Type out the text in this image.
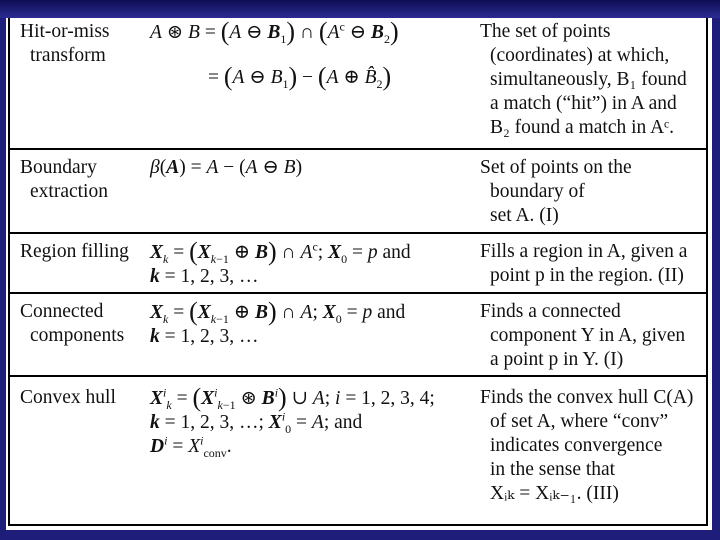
Hit-or-miss
transform
A ⊛ B = (A ⊖ $B_1$) ∩ ($A^c$ ⊖ $B_2$)
= (A ⊖ $B_1) - (A$ ⊕ $B̂_2$)
The set of points
(coordinates) at which,
simultaneously, B₁ found
a match (“hit”) in A and
B₂ found a match in Aᶜ.
Boundary
extraction
β(A) = A − (A ⊖ B)	Set of points on the
boundary of
set A. (I)
Region filling $X_k = (X_{k-1}$ ⊕ B) ∩ $A^c$; $X_0 = p$ and
k = 1, 2, 3, …
Fills a region in A, given a
point p in the region. (II)
Connected
components
$X_k = (X_{k-1}$ ⊕ B) ∩ A; $X_0 = p$ and
k = 1, 2, 3, …
Finds a connected
component Y in A, given
a point p in Y. (I)
Convex hull $X^i_k = (X^i_{k-1}$ ⊛ $B^i$) ∪ A; i = 1, 2, 3, 4;
k = 1, 2, 3, …; $X^i_0 = A$; and
$D^i = X^i_{conv}$.
Finds the convex hull C(A)
of set A, where “conv”
indicates convergence
in the sense that
Xᵢₖ = Xᵢₖ₋₁. (III)
